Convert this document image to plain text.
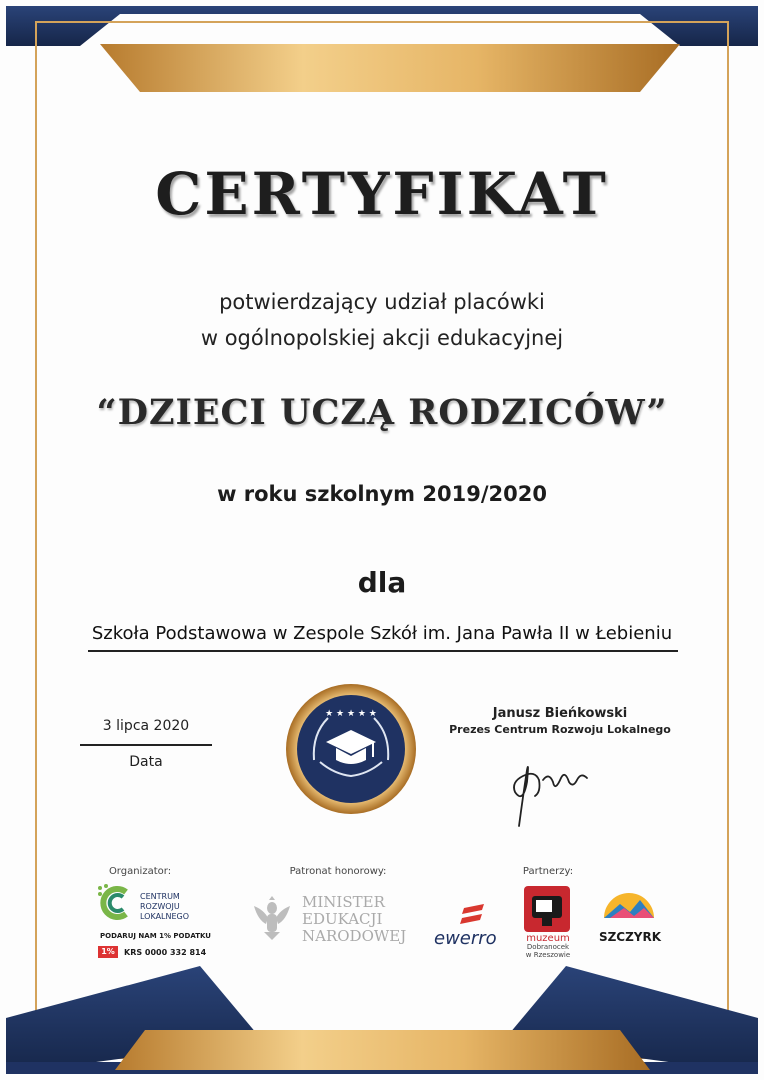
CERTYFIKAT
potwierdzający udział placówki
w ogólnopolskiej akcji edukacyjnej
“DZIECI UCZĄ RODZICÓW”
w roku szkolnym 2019/2020
dla
Szkoła Podstawowa w Zespole Szkół im. Jana Pawła II w Łebieniu
3 lipca 2020
Data
★ ★ ★ ★ ★	Janusz Bieńkowski
Prezes Centrum Rozwoju Lokalnego
Organizator:
CENTRUM
ROZWOJU
LOKALNEGO
PODARUJ NAM 1% PODATKU
1%	KRS 0000 332 814
Patronat honorowy:
MINISTER
EDUKACJI
NARODOWEJ
Partnerzy:
ewerro	muzeum
Dobranocek
w Rzeszowie
SZCZYRK
